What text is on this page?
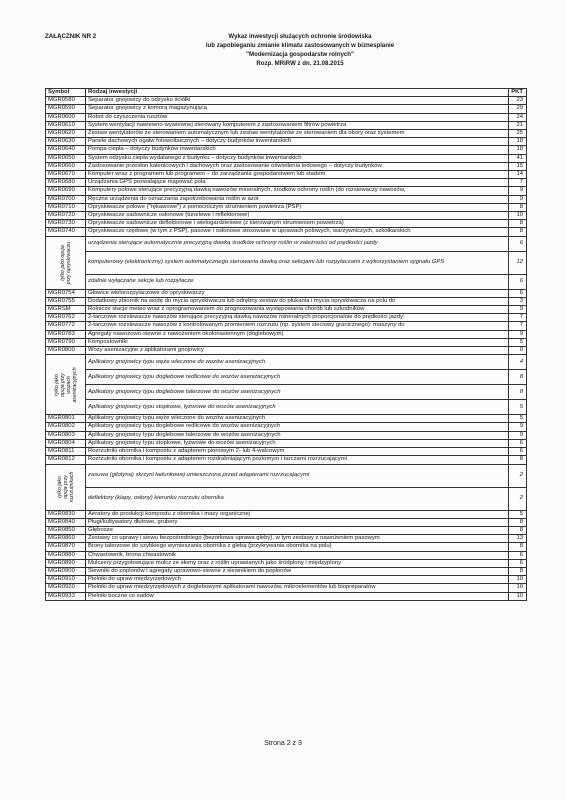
ZAŁĄCZNIK NR 2	Wykaz inwestycji służących ochronie środowiska
lub zapobieganiu zmianie klimatu zastosowanych w biznesplanie
"Modernizacja gospodarstw rolnych"
Rozp. MRiRW z dn. 21.08.2015
Symbol	Rodzaj inwestycji	PKT
MGR0580	Separator gnojowicy do odzysku ściółki	23
MGR0590	Separator gnojowicy z komorą magazynującą	29
MGR0600	Robot do czyszczenia rusztów	24
MGR0610	System wentylacji nawiewno-wywiewnej sterowany komputerem z zastosowaniem filtrów powietrza	21
MGR0620	Zestaw wentylatorów ze sterowaniem automatycznym lub zestaw wentylatorów ze sterowaniem dla obory oraz systemem	25
MGR0630	Panele dachowych ogałw fotowoltaicznych – dotyczy budynków inwentarskich	18
MGR0640	Pompa ciepła – dotyczy budynków inwentarskich	18
MGR0650	System odzysku ciepła wydalanego z budynku – dotyczy budynków inwentarskich	41
MGR0660	Zastosowanie przesłon kalenicowych i dachowych oraz zastosowanie oświetlenia ledowego – dotyczy budynków	15
MGR0670	Komputer wraz z programem lub programem – do zarządzania gospodarstwem lub stadem	14
MGR0680	Urządzenia GPS pozwalające mapować pola	7
MGR0690	Komputery polowe sterujące precyzyjną dawką nawozów mineralnych, środków ochrony roślin (do rozsiewaczy nawozów,	9
MGR0700	Ręczne urządzenia do oznaczania zapotrzebowania roślin w azot	9
MGR0710	Opryskiwacze polowe ("rękawowe") z pomocniczym strumieniem powietrza (PSP)	8
MGR0720	Opryskiwacze sadownicze osłonowe (tunelowe i reflektorowe)	10
MGR0730	Opryskiwacze sadownicze deflektorowe i wielogardzielowe (z kierowanym strumieniem powietrza)	8
MGR0740	Opryskiwacze rzędowe (w tym z PSP), pasowe i osłonowe stosowane w uprawach polowych, warzywniczych, szkółkarskich	8

tylko jako opcja przy opryskiwaczu	urządzenia sterujące automatycznie precyzyjną dawką środków ochrony roślin w zależności od prędkości jazdy	6
	komputerowy (elektroniczny) system automatycznego sterowania dawką oraz sekcjami lub rozpylaczami z wykorzystaniem sygnału GPS	12
	zdalnie wyłączane sekcje lub rozpylacze	6
MGR0754	Głowice wielorozpylaczowe do opryskiwaczy	6
MGR0755	Dodatkowy zbiornik na wodę do mycia opryskiwacza lub odrębny zestaw do płukania i mycia opryskiwacza na polu do	3
MGRSM	Rolnicze stacje meteo wraz z oprogramowaniem do prognozowania występowania chorób lub szkodników	9
MGR0762	2-tarczowe rozsiewacze nawozów sterujące precyzyjną dawką nawozów mineralnych proporcjonalnie do prędkości jazdy:	7
MGR0772	2-tarczowe rozsiewacze nawozów z kontrolowanym promieniem rozrzutu (np. system sieciowy granicznego): maszyny do	7
MGR0783	Agregaty nawozowo-siewne z nawożeniem okołonasiennym (doglebowym)	9
MGR0790	Kompostowniki	5
MGR0800	Wozy asenizacyjne z aplikatorami gnojowicy	0

tylko jako opcja przy wozach asenizacyjnych	Aplikatory gnojowicy typu węże wleczone do wozów asenizacyjnych	4
	Aplikatory gnojowicy typu doglebowe redlicowe do wozów asenizacyjnych	8
	Aplikatory gnojowicy typu doglebowe talerzowe do wozów asenizacyjnych	8
	Aplikatory gnojowicy typu stopkowe, łyżwowe do wozów asenizacyjnych	5
MGR0801	Aplikatory gnojowicy typu węże wleczone do wozów asenizacyjnych	5
MGR0802	Aplikatory gnojowicy typu doglebowe redlicowe do wozów asenizacyjnych	9
MGR0803	Aplikatory gnojowicy typu doglebowe talerzowe do wozów asenizacyjnych	9
MGR0804	Aplikatory gnojowicy typu stopkowe, łyżwowe do wozów asenizacyjnych	6
MGR0811	Rozrzutniki obornika i kompostu z adapterem pionowym 2- lub 4-walcowym	6
MGR0812	Rozrzutniki obornika i kompostu z adapterem rozdrabniającym poziomym i tarczami rozrzucającymi	8

tylko jako opcja przy rozrzutnikach	zasuwa (gilotyna) skrzyni ładunkowej umieszczona przed adapterami rozrzucającymi	2
	deflektory (klapy, osłony) kierunku rozrzutu obornika	2
MGR0830	Aeratory do produkcji kompostu z obornika i masy organicznej	5
MGR0840	Pługi/kultywatory dłutowe, grubery	8
MGR0850	Głębosze	8
MGR0860	Zestawy co uprawy i siewu bezpośredniego (bezorkowa uprawa gleby), w tym zestawy z nawożeniem pasowym	13
MGR0870	Brony talerzowe do szybkiego wymieszania obornika z glebą (przykrywania obornika na polu)	8
MGR0880	Chwastownik, brona chwastownik	6
MGR0890	Mulczery przygotowujące mulcz ze słomy oraz z roślin uprawianych jako śródplony i międzyplony	6
MGR0900	Siewniki do poplonów i agregaty uprawowo-siewne z siewnikiem do poplonów	8
MGR0910	Pielniki do upraw międzyrzędowych	10
MGR0920	Pielniki do upraw międzyrzędowych z doglebowymi aplikatorami nawozów, mikroelementów lub biopreparatów	10
MGR0933	Pielniki boczne co sadów	10
Strona 2 z 3
